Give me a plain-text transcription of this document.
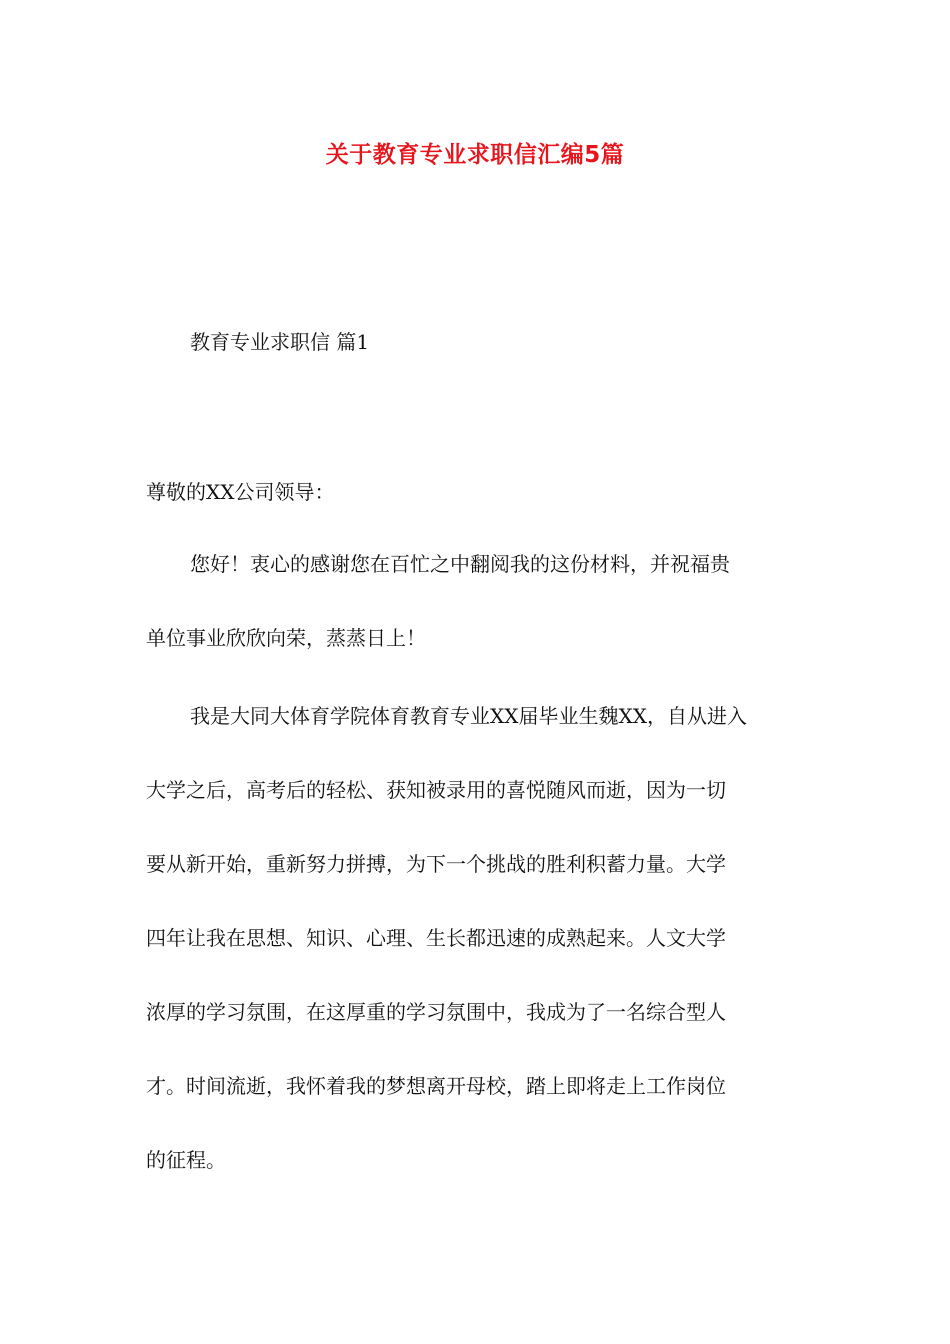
关于教育专业求职信汇编5篇
教育专业求职信 篇1
尊敬的XX公司领导：
您好！衷心的感谢您在百忙之中翻阅我的这份材料，并祝福贵
单位事业欣欣向荣，蒸蒸日上！
我是大同大体育学院体育教育专业XX届毕业生魏XX，自从进入
大学之后，高考后的轻松、获知被录用的喜悦随风而逝，因为一切
要从新开始，重新努力拼搏，为下一个挑战的胜利积蓄力量。大学
四年让我在思想、知识、心理、生长都迅速的成熟起来。人文大学
浓厚的学习氛围，在这厚重的学习氛围中，我成为了一名综合型人
才。时间流逝，我怀着我的梦想离开母校，踏上即将走上工作岗位
的征程。
